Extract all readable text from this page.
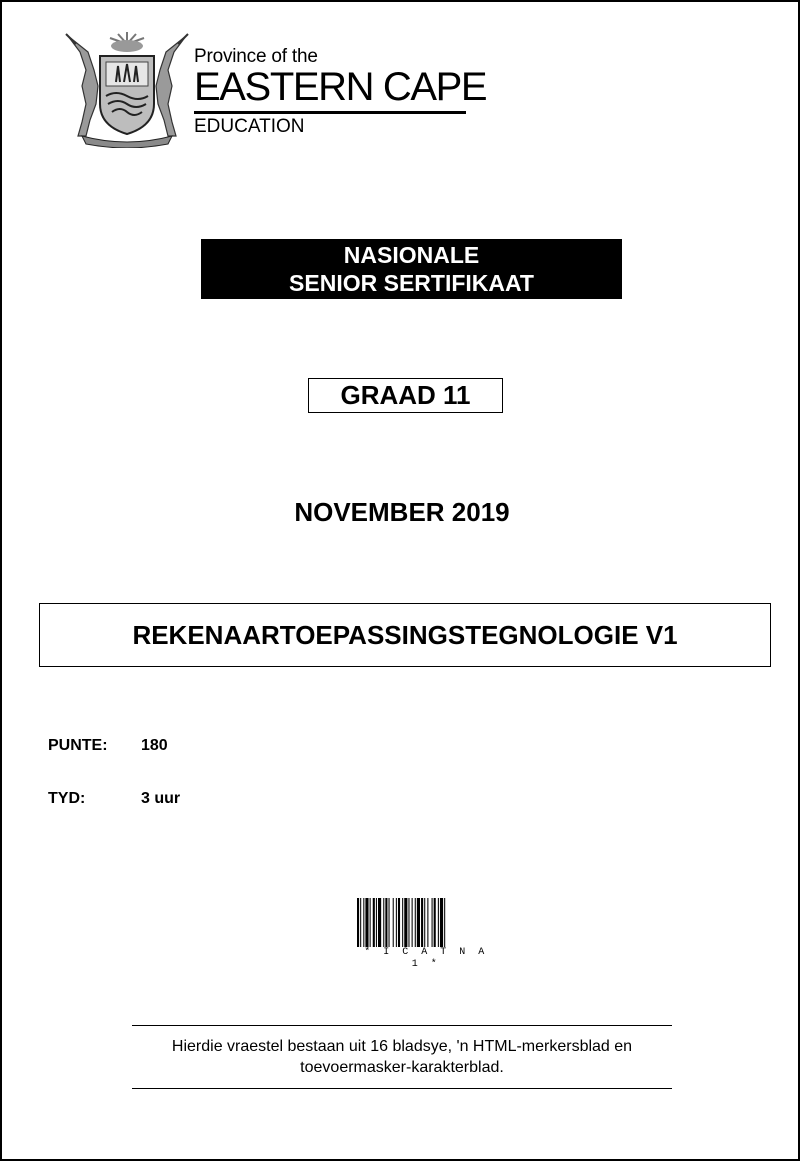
Province of the
EASTERN CAPE
EDUCATION
NASIONALE
SENIOR SERTIFIKAAT
GRAAD 11
NOVEMBER 2019
REKENAARTOEPASSINGSTEGNOLOGIE V1
PUNTE: 180
TYD:	3 uur
* I C A T N A 1 *
Hierdie vraestel bestaan uit 16 bladsye, 'n HTML-merkersblad en
toevoermasker-karakterblad.
